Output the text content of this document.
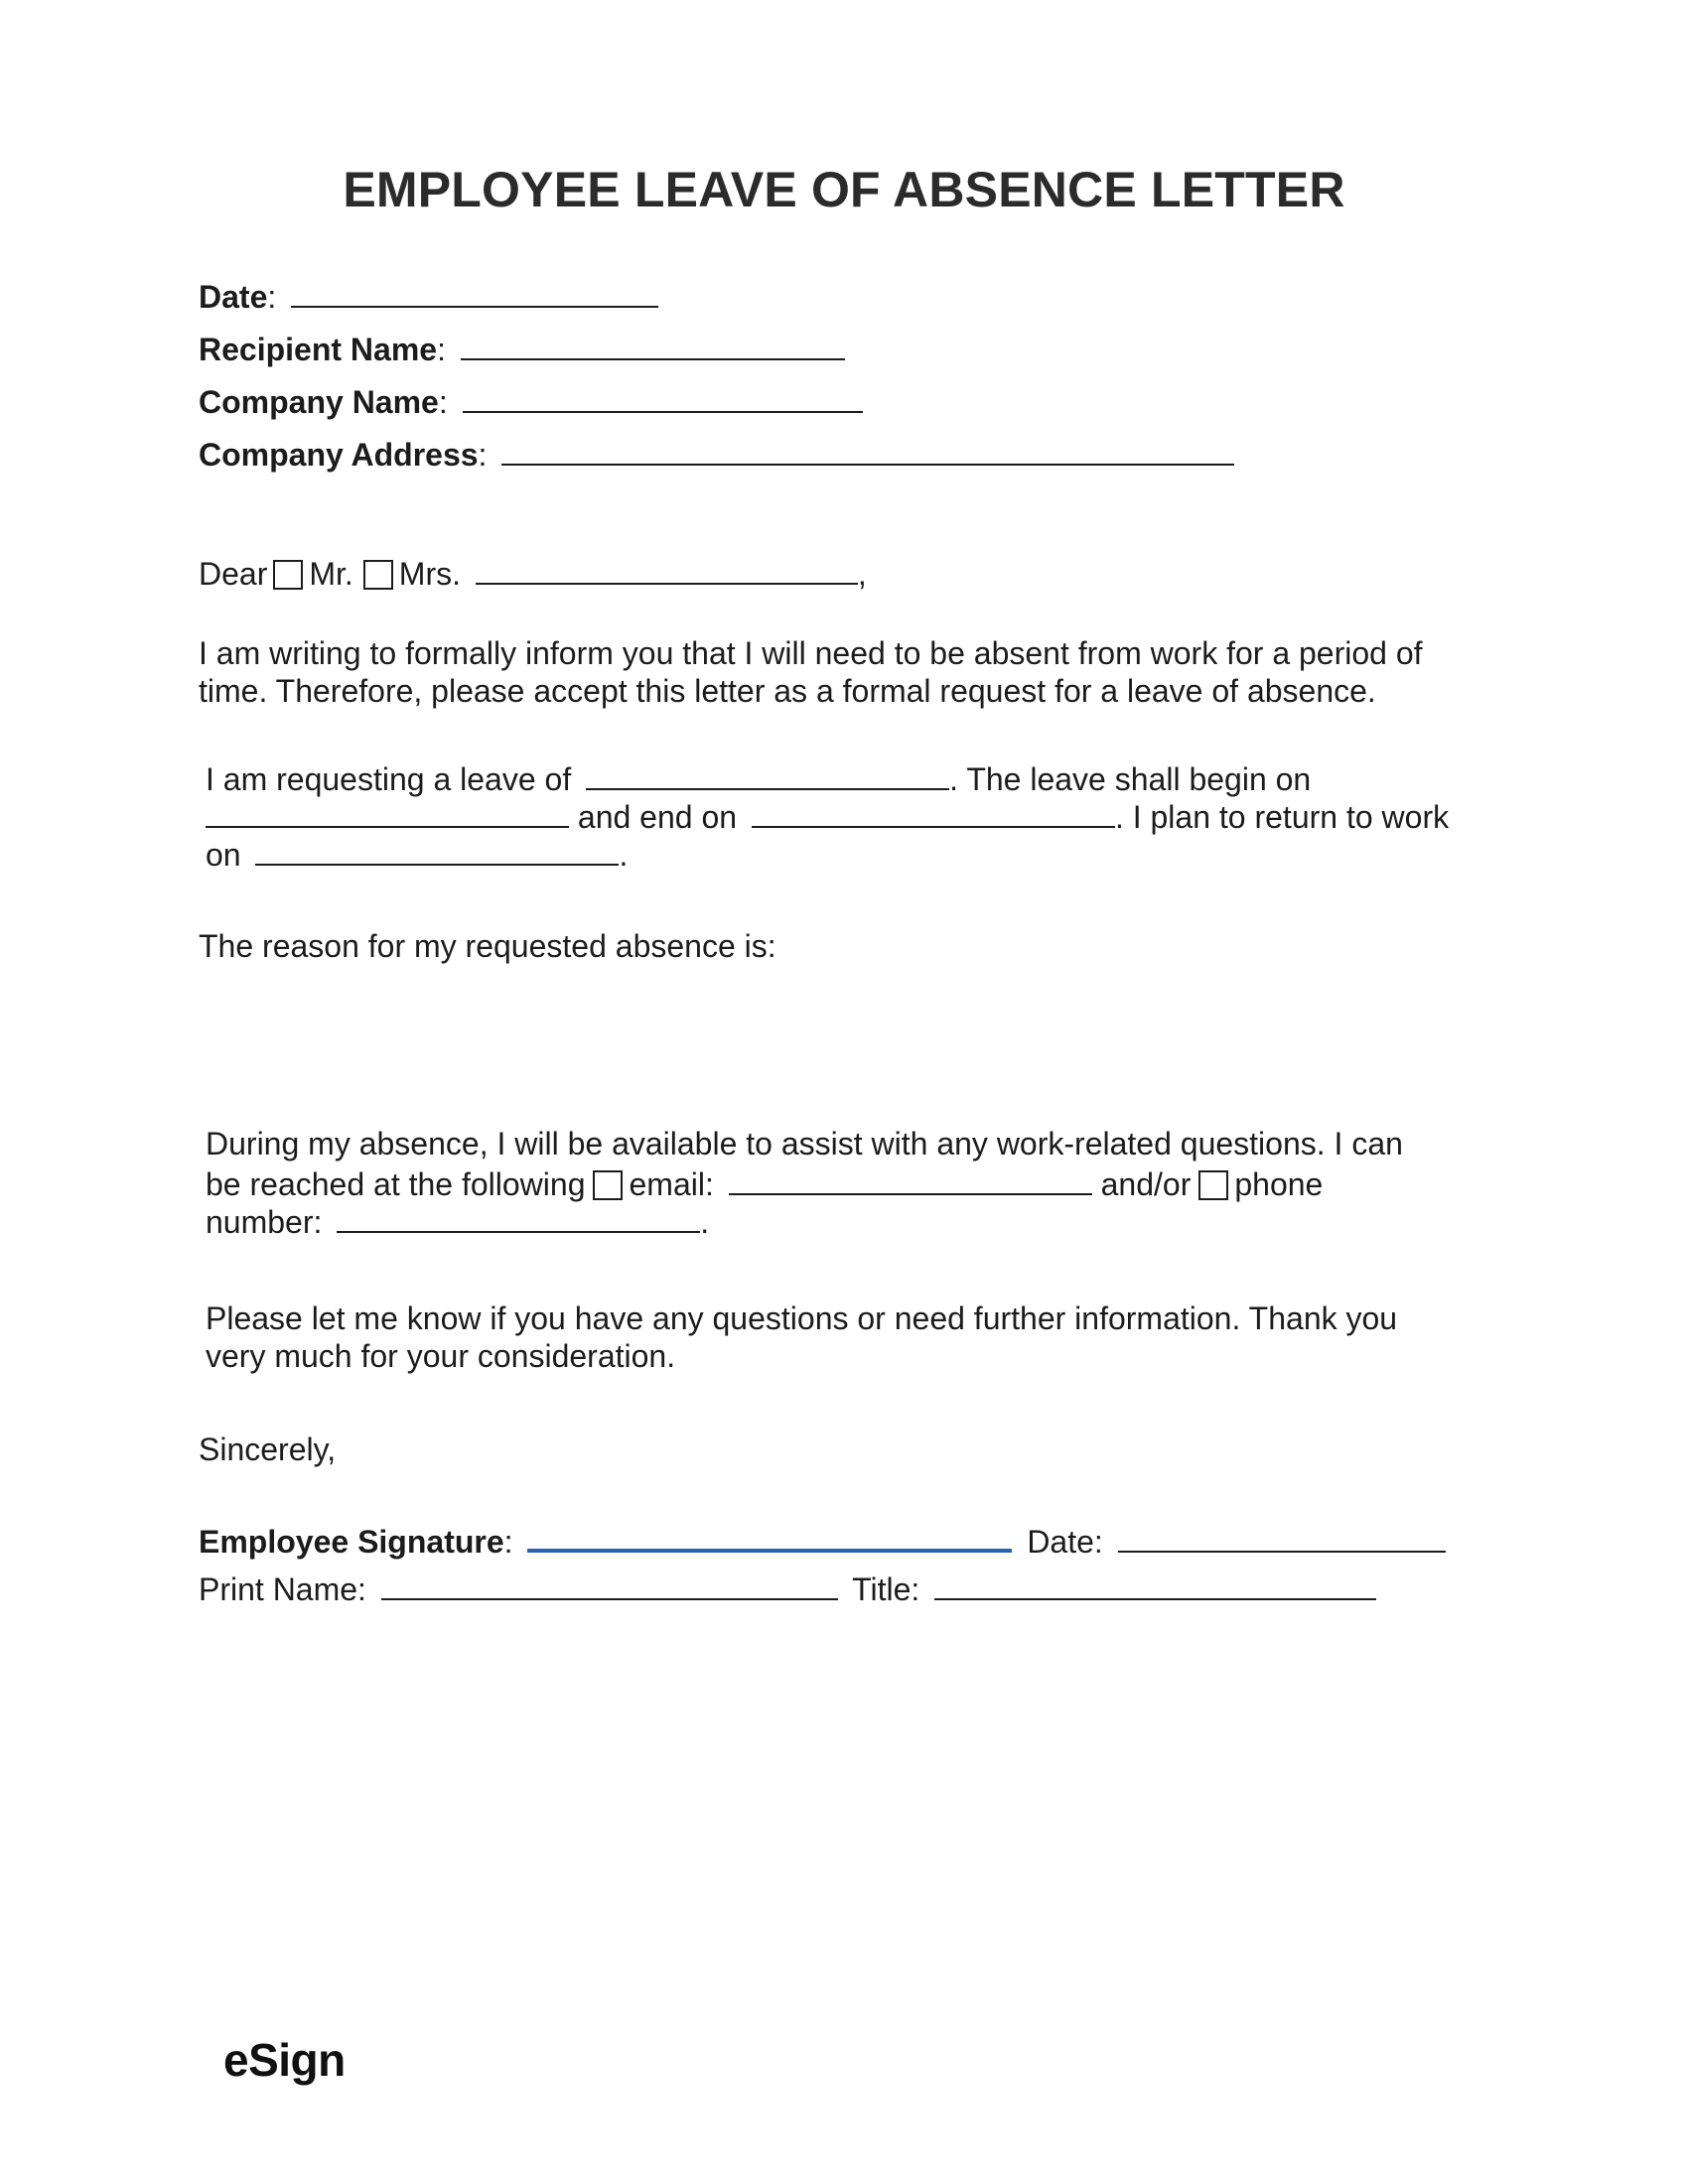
EMPLOYEE LEAVE OF ABSENCE LETTER
Date:
Recipient Name:
Company Name:
Company Address:
Dear Mr. Mrs.	,
I am writing to formally inform you that I will need to be absent from work for a period of
time. Therefore, please accept this letter as a formal request for a leave of absence.
I am requesting a leave of	. The leave shall begin on
and end on	. I plan to return to work
on	.
The reason for my requested absence is:
During my absence, I will be available to assist with any work-related questions. I can
be reached at the following email:	and/or phone
number:	.
Please let me know if you have any questions or need further information. Thank you
very much for your consideration.
Sincerely,
Employee Signature:	Date:
Print Name:	Title:
eSign
